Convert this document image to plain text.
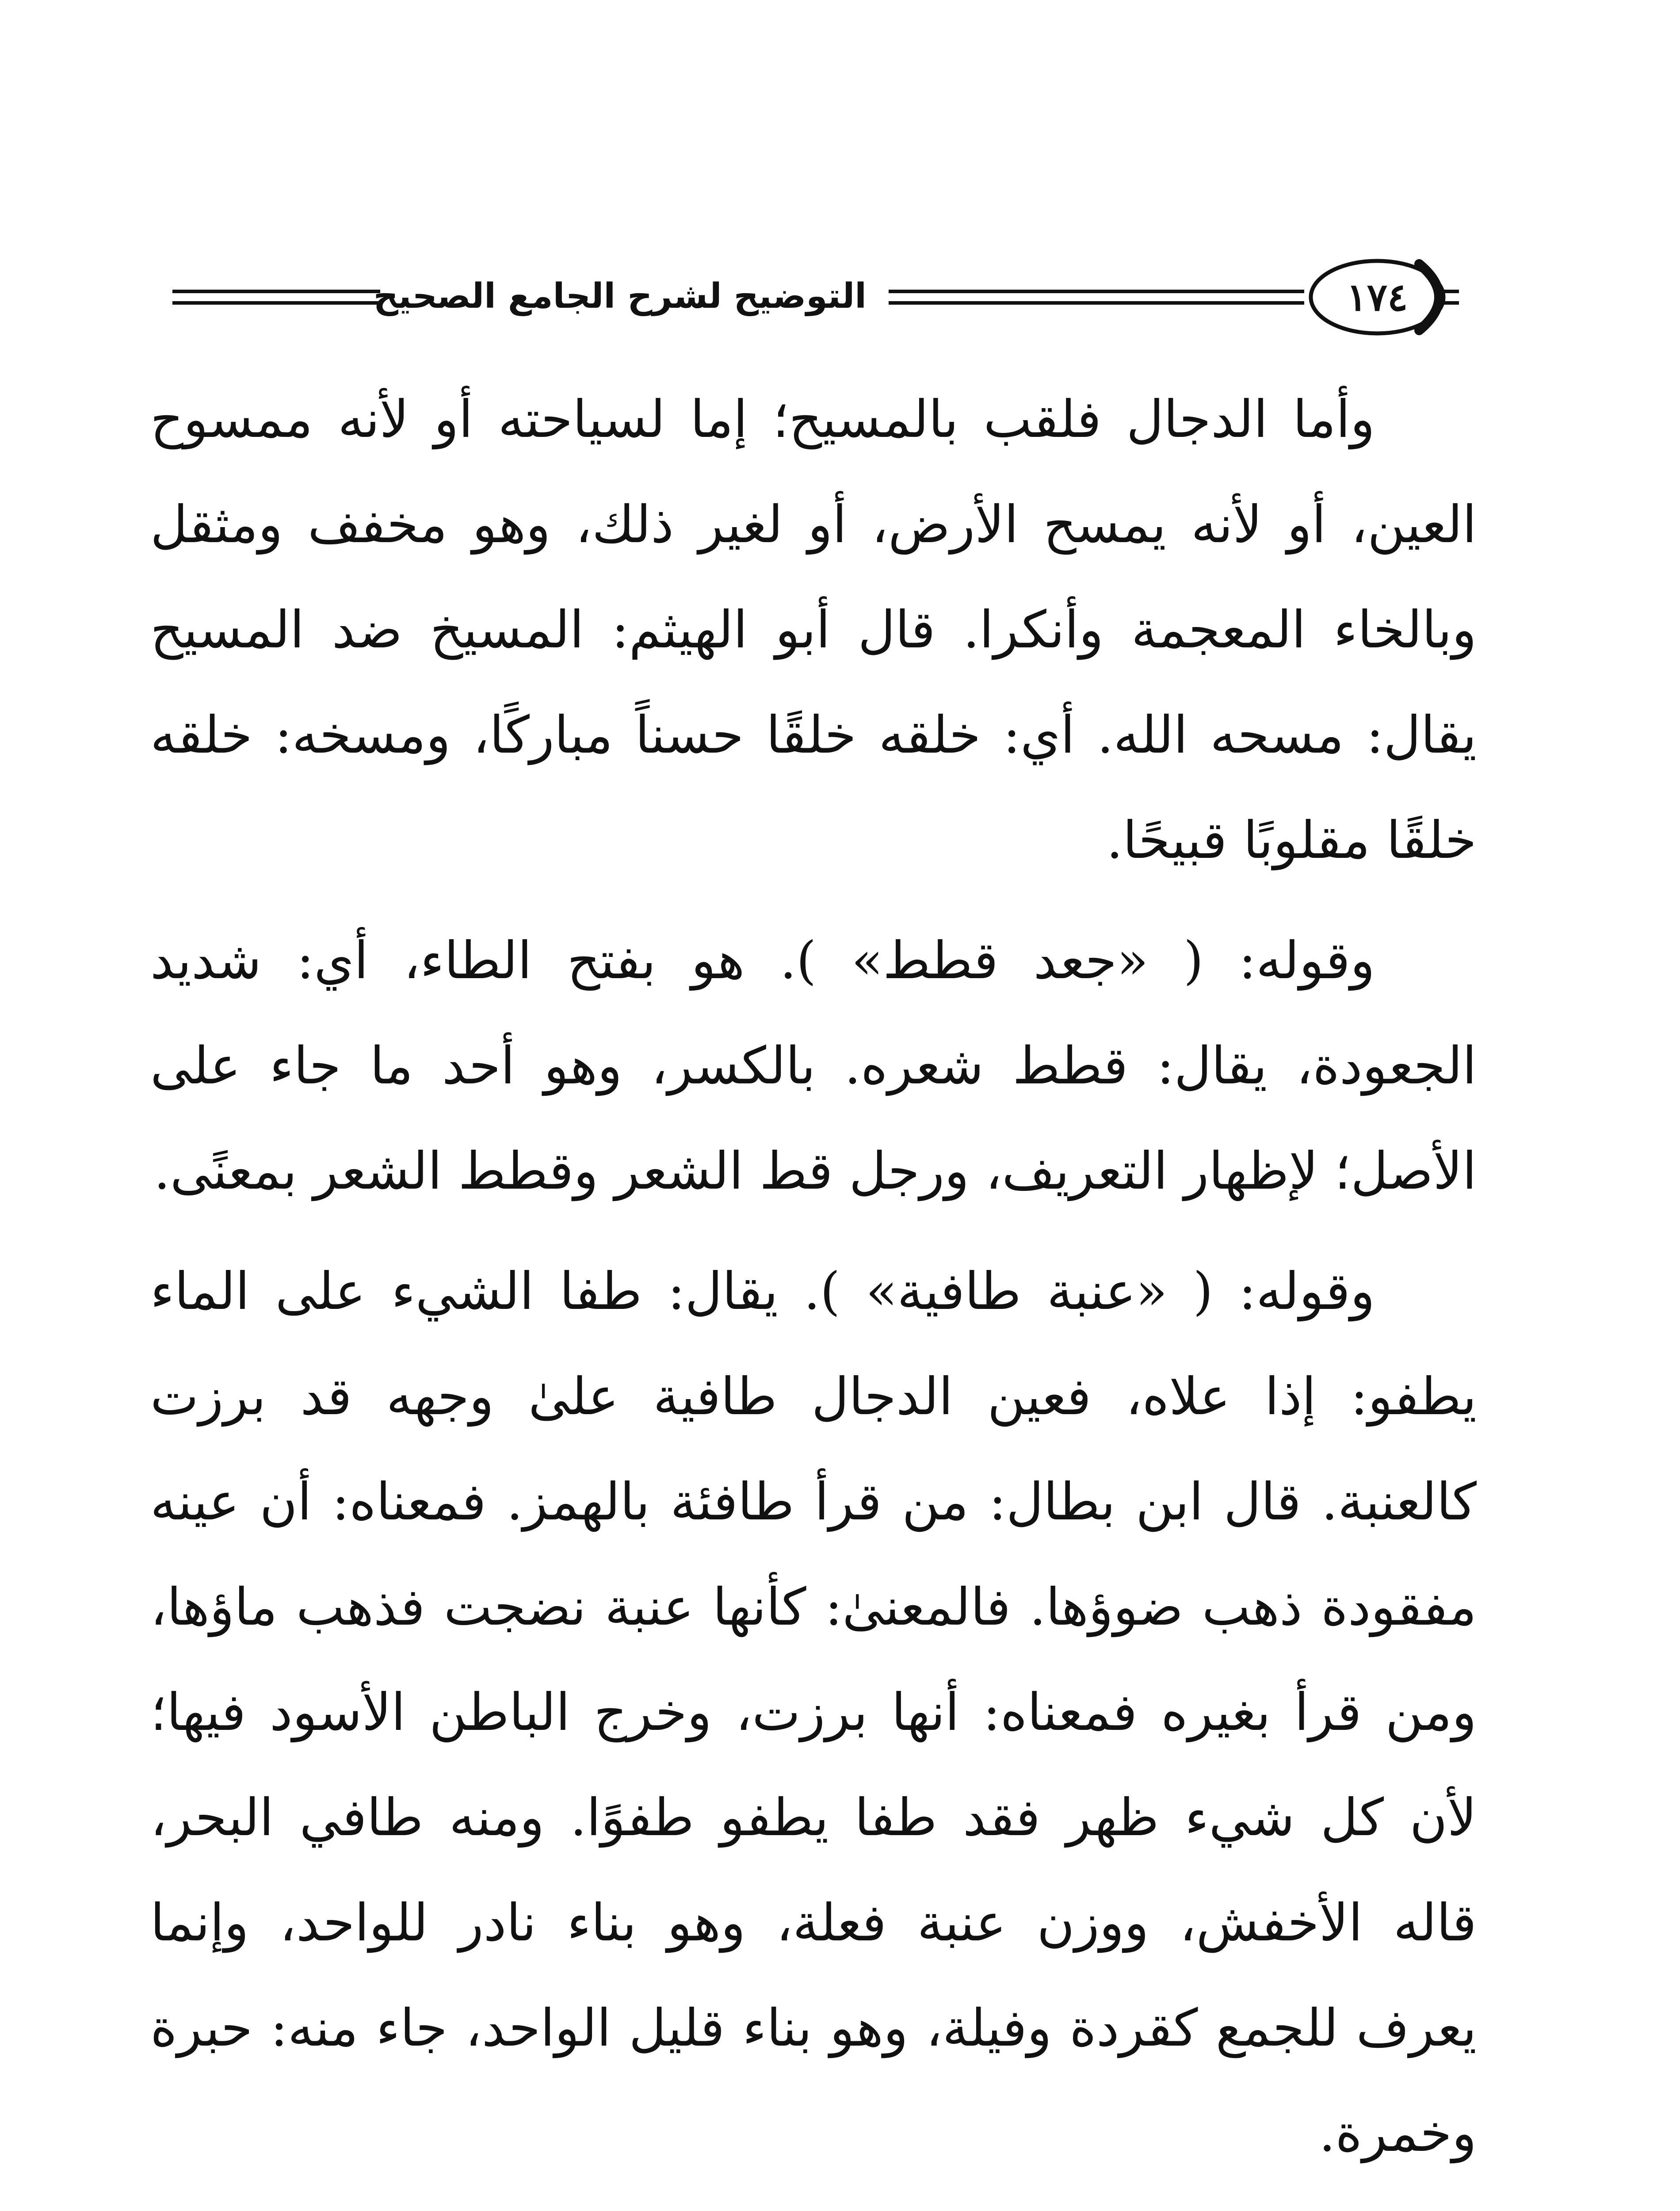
التوضيح لشرح الجامع الصحيح	١٧٤

وأما الدجال فلقب بالمسيح؛ إما لسياحته أو لأنه ممسوح العين، أو لأنه يمسح الأرض، أو لغير ذلك، وهو مخفف ومثقل وبالخاء المعجمة وأنكرا. قال أبو الهيثم: المسيخ ضد المسيح يقال: مسحه الله. أي: خلقه خلقًا حسناً مباركًا، ومسخه: خلقه خلقًا مقلوبًا قبيحًا.

وقوله: ( «جعد قطط» ). هو بفتح الطاء، أي: شديد الجعودة، يقال: قطط شعره. بالكسر، وهو أحد ما جاء على الأصل؛ لإظهار التعريف، ورجل قط الشعر وقطط الشعر بمعنًى.

وقوله: ( «عنبة طافية» ). يقال: طفا الشيء على الماء يطفو: إذا علاه، فعين الدجال طافية علىٰ وجهه قد برزت كالعنبة. قال ابن بطال: من قرأ طافئة بالهمز. فمعناه: أن عينه مفقودة ذهب ضوؤها. فالمعنىٰ: كأنها عنبة نضجت فذهب ماؤها، ومن قرأ بغيره فمعناه: أنها برزت، وخرج الباطن الأسود فيها؛ لأن كل شيء ظهر فقد طفا يطفو طفوًا. ومنه طافي البحر، قاله الأخفش، ووزن عنبة فعلة، وهو بناء نادر للواحد، وإنما يعرف للجمع كقردة وفيلة، وهو بناء قليل الواحد، جاء منه: حبرة وخمرة.
